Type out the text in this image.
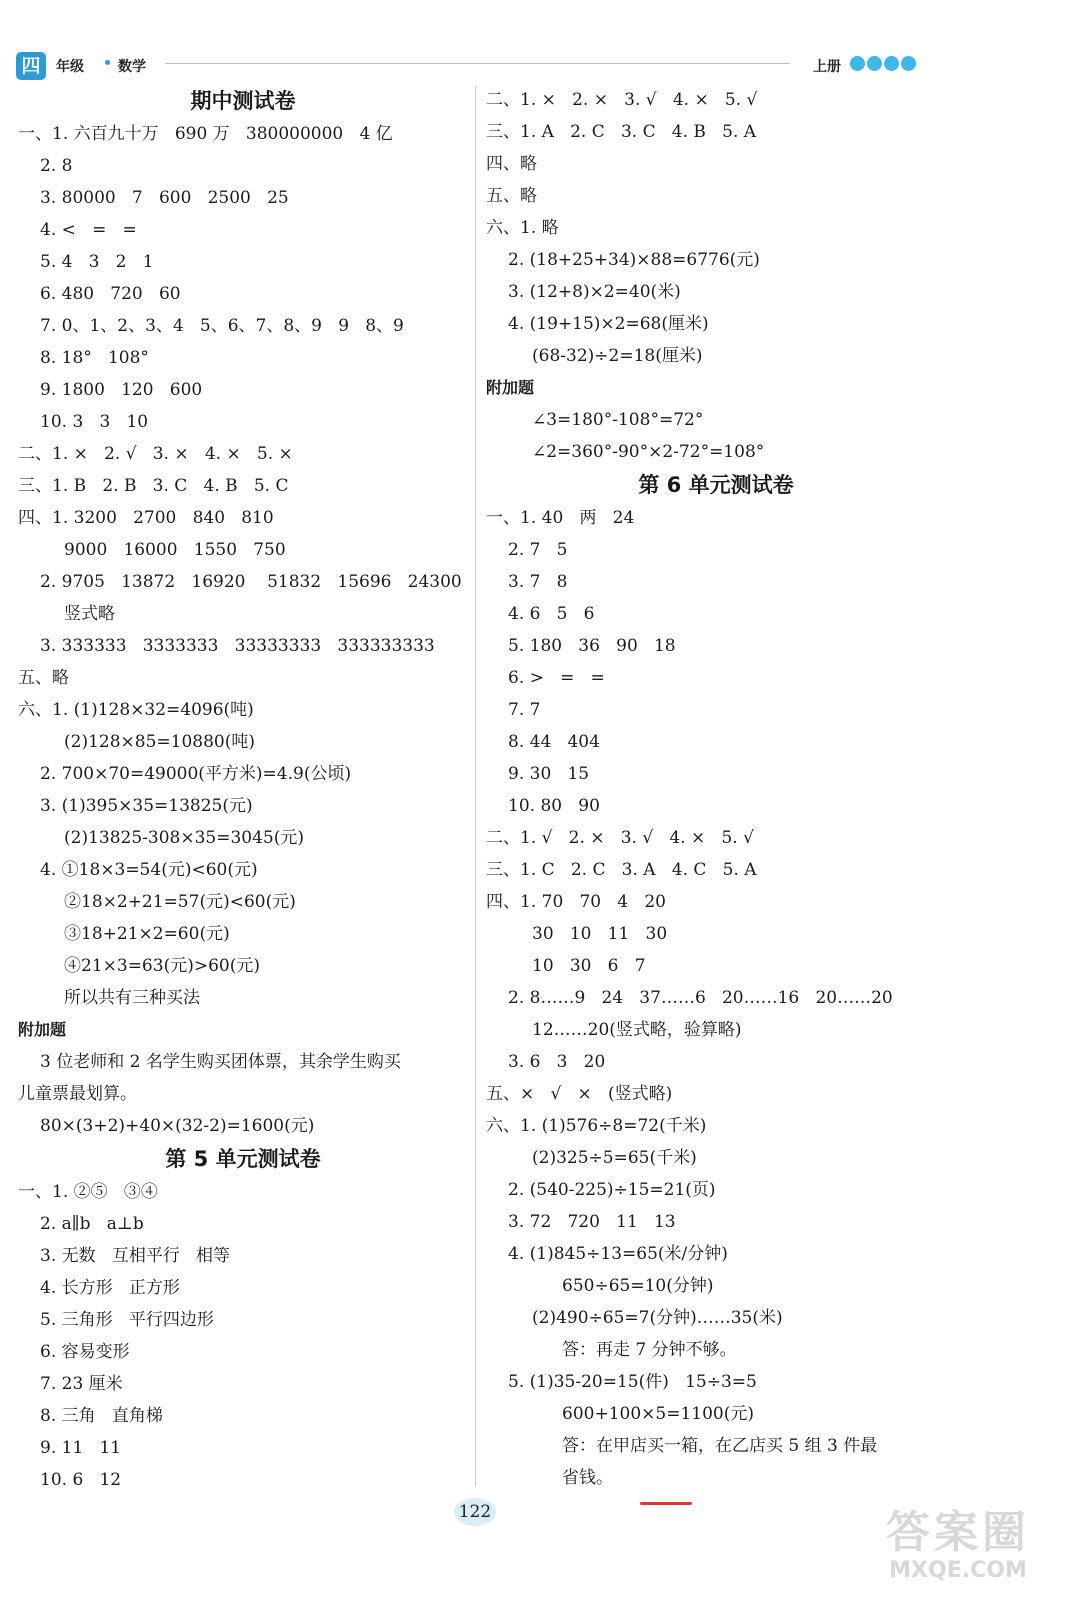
四	年级 数学	上册
期中测试卷
一、1. 六百九十万   690 万   380000000   4 亿
2. 8
3. 80000   7   600   2500   25
4. <   =   =
5. 4   3   2   1
6. 480   720   60
7. 0、1、2、3、4   5、6、7、8、9   9   8、9
8. 18°   108°
9. 1800   120   600
10. 3   3   10
二、1. ×   2. √   3. ×   4. ×   5. ×
三、1. B   2. B   3. C   4. B   5. C
四、1. 3200   2700   840   810
9000   16000   1550   750
2. 9705   13872   16920    51832   15696   24300
竖式略
3. 333333   3333333   33333333   333333333
五、略
六、1. (1)128×32=4096(吨)
(2)128×85=10880(吨)
2. 700×70=49000(平方米)=4.9(公顷)
3. (1)395×35=13825(元)
(2)13825-308×35=3045(元)
4. ①18×3=54(元)<60(元)
②18×2+21=57(元)<60(元)
③18+21×2=60(元)
④21×3=63(元)>60(元)
所以共有三种买法
附加题
3 位老师和 2 名学生购买团体票，其余学生购买
儿童票最划算。
80×(3+2)+40×(32-2)=1600(元)
第 5 单元测试卷
一、1. ②⑤   ③④
2. a∥b   a⊥b
3. 无数   互相平行   相等
4. 长方形   正方形
5. 三角形   平行四边形
6. 容易变形
7. 23 厘米
8. 三角   直角梯
9. 11   11
10. 6   12
二、1. ×   2. ×   3. √   4. ×   5. √
三、1. A   2. C   3. C   4. B   5. A
四、略
五、略
六、1. 略
2. (18+25+34)×88=6776(元)
3. (12+8)×2=40(米)
4. (19+15)×2=68(厘米)
(68-32)÷2=18(厘米)
附加题
∠3=180°-108°=72°
∠2=360°-90°×2-72°=108°
第 6 单元测试卷
一、1. 40   两   24
2. 7   5
3. 7   8
4. 6   5   6
5. 180   36   90   18
6. >   =   =
7. 7
8. 44   404
9. 30   15
10. 80   90
二、1. √   2. ×   3. √   4. ×   5. √
三、1. C   2. C   3. A   4. C   5. A
四、1. 70   70   4   20
30   10   11   30
10   30   6   7
2. 8……9   24   37……6   20……16   20……20
12……20(竖式略，验算略)
3. 6   3   20
五、×   √   ×   (竖式略)
六、1. (1)576÷8=72(千米)
(2)325÷5=65(千米)
2. (540-225)÷15=21(页)
3. 72   720   11   13
4. (1)845÷13=65(米/分钟)
650÷65=10(分钟)
(2)490÷65=7(分钟)……35(米)
答：再走 7 分钟不够。
5. (1)35-20=15(件)   15÷3=5
600+100×5=1100(元)
答：在甲店买一箱，在乙店买 5 组 3 件最
省钱。
122	答案圈
MXQE.COM
